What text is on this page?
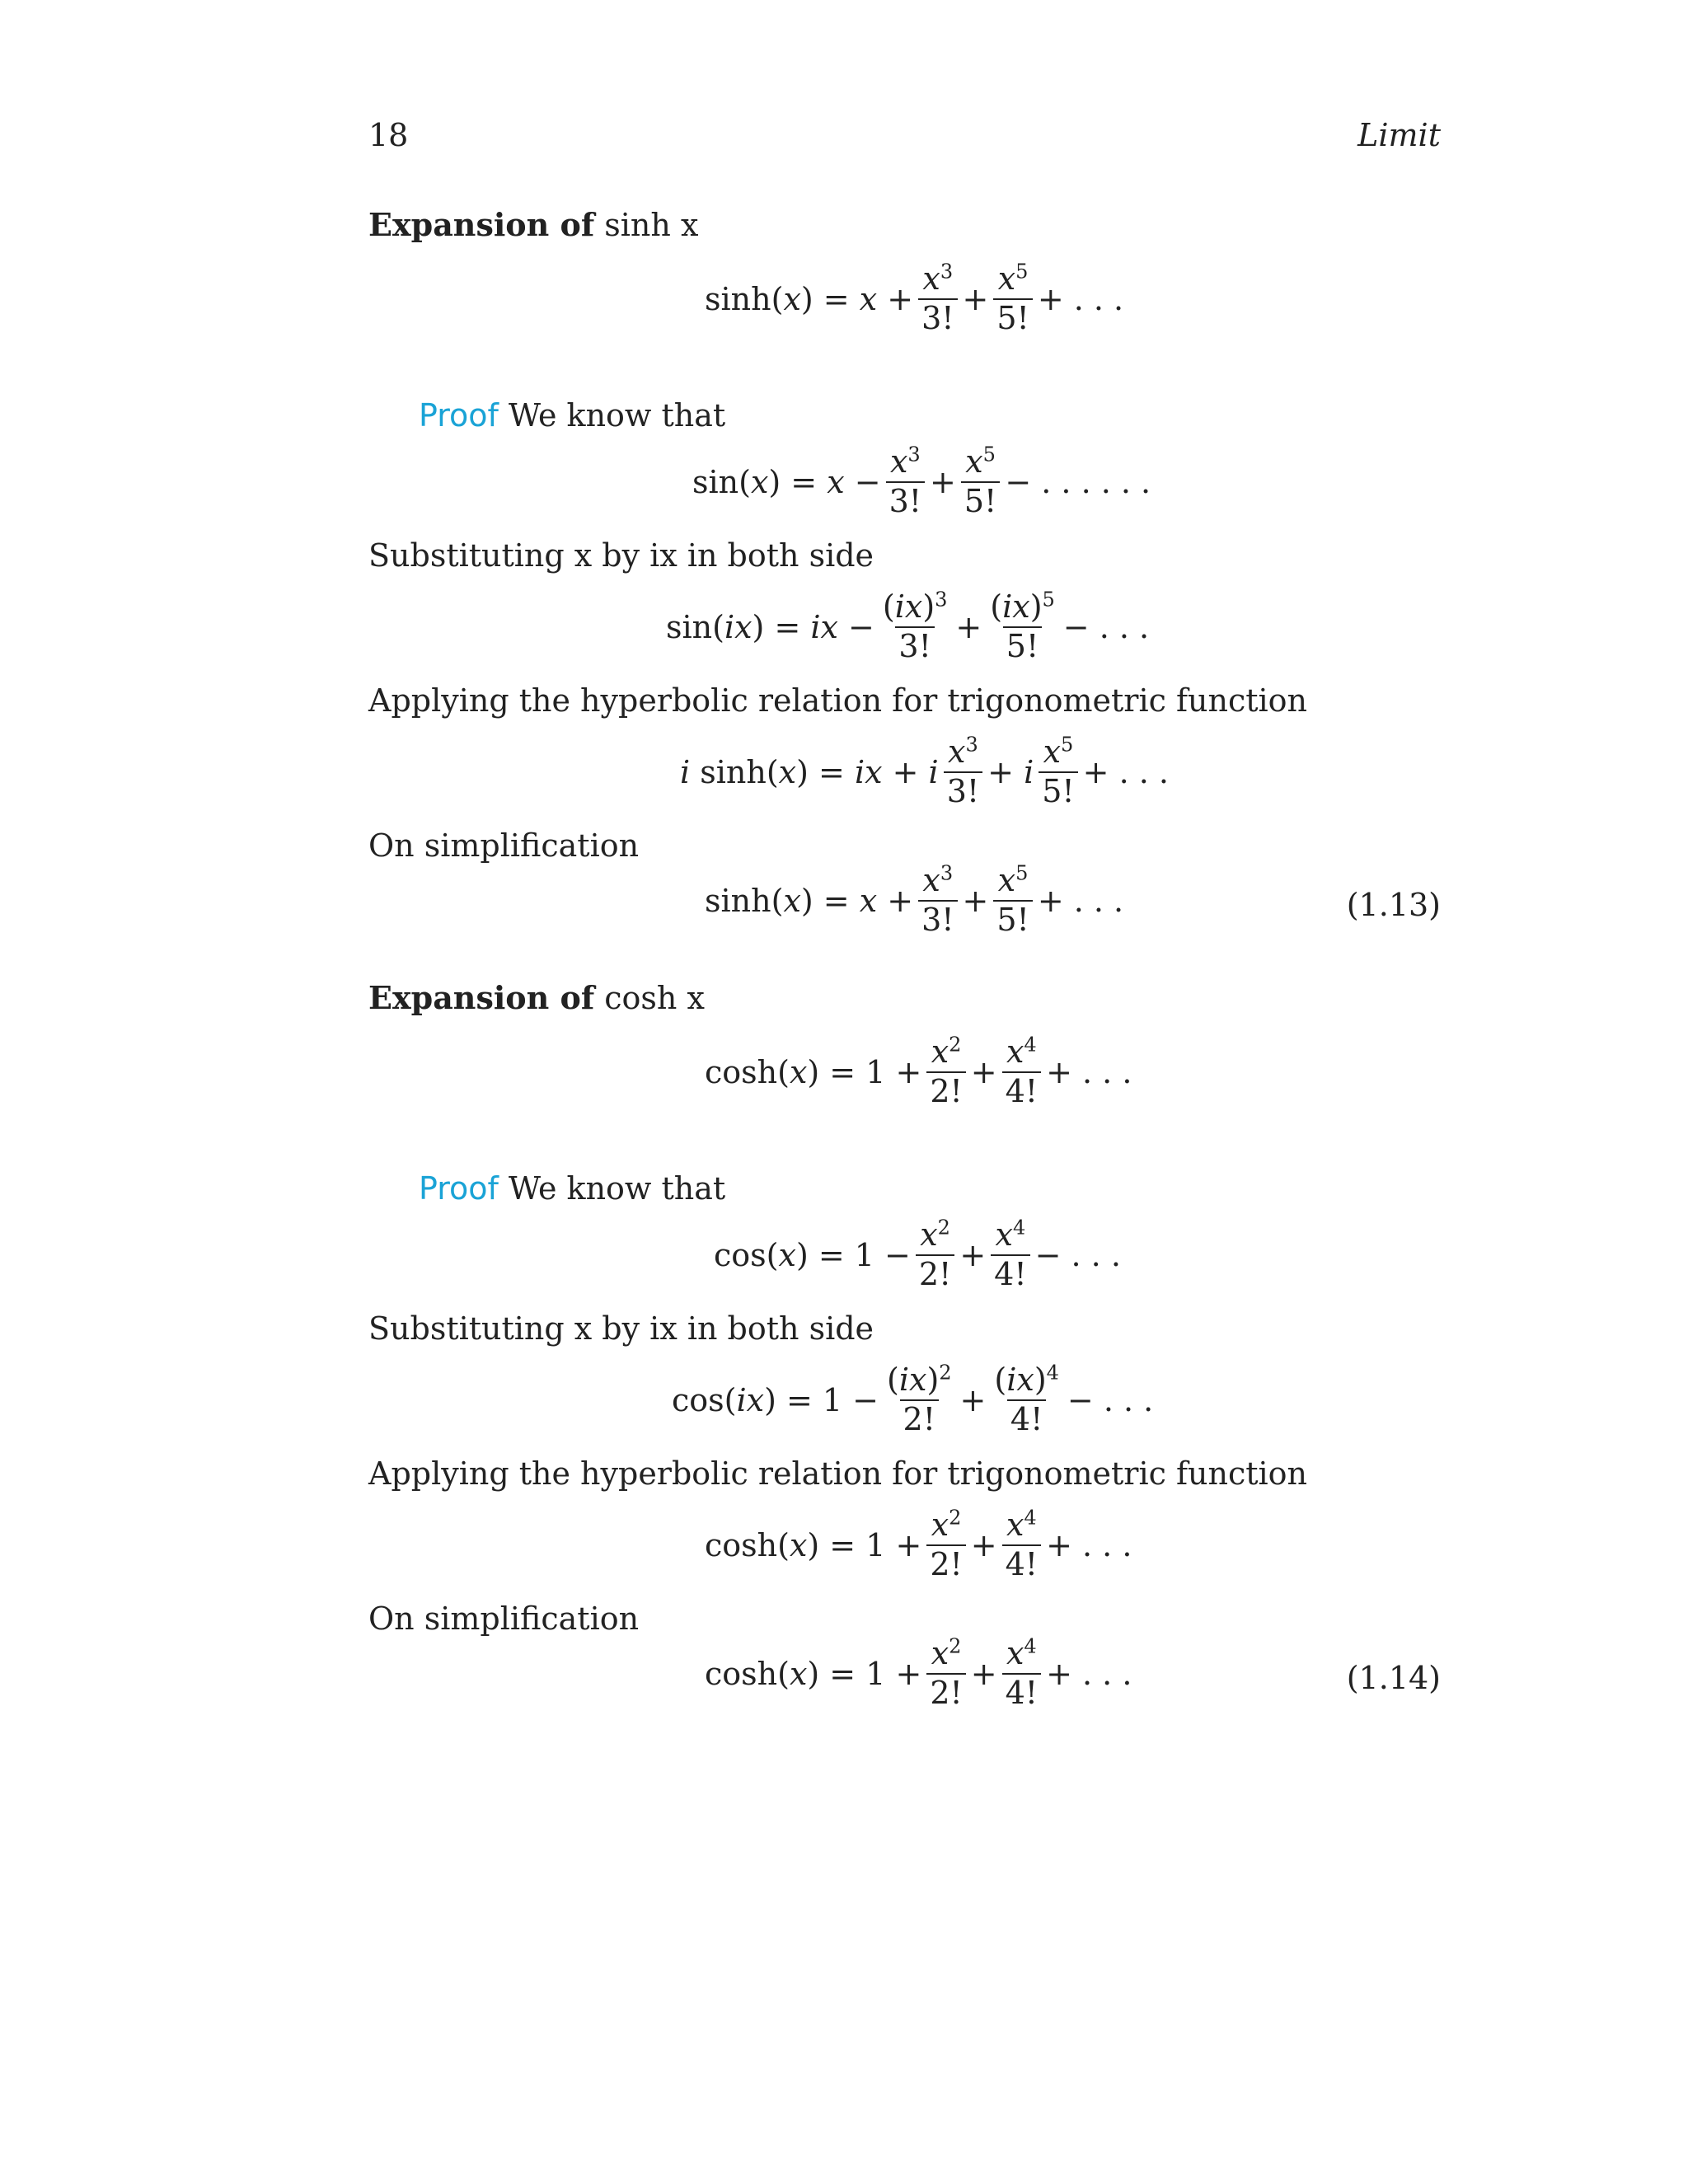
18	Limit
Expansion of sinh x
$\sinh(x) = x + \frac{x^3}{3!} + \frac{x^5}{5!}$ + . . .
Proof We know that
$\sin(x) = x - \frac{x^3}{3!} + \frac{x^5}{5!}$ − . . . . . .
Substituting x by ix in both side
sin(ix) = ix − $\frac{(ix)^3}{3!} + \frac{(ix)^5}{5!}$ − . . .
Applying the hyperbolic relation for trigonometric function
i sinh(x) = ix + i $\frac{x^3}{3!} + i \frac{x^5}{5!}$ + . . .
On simplification
$\sinh(x) = x + \frac{x^3}{3!} + \frac{x^5}{5!}$ + . . .	(1.13)
Expansion of cosh x
$\cosh(x) = 1 + \frac{x^2}{2!} + \frac{x^4}{4!}$ + . . .
Proof We know that
$\cos(x) = 1 - \frac{x^2}{2!} + \frac{x^4}{4!}$ − . . .
Substituting x by ix in both side
$\cos(ix) = 1 - \frac{(ix)^2}{2!} + \frac{(ix)^4}{4!}$ − . . .
Applying the hyperbolic relation for trigonometric function
$\cosh(x) = 1 + \frac{x^2}{2!} + \frac{x^4}{4!}$ + . . .
On simplification
$\cosh(x) = 1 + \frac{x^2}{2!} + \frac{x^4}{4!}$ + . . .	(1.14)
